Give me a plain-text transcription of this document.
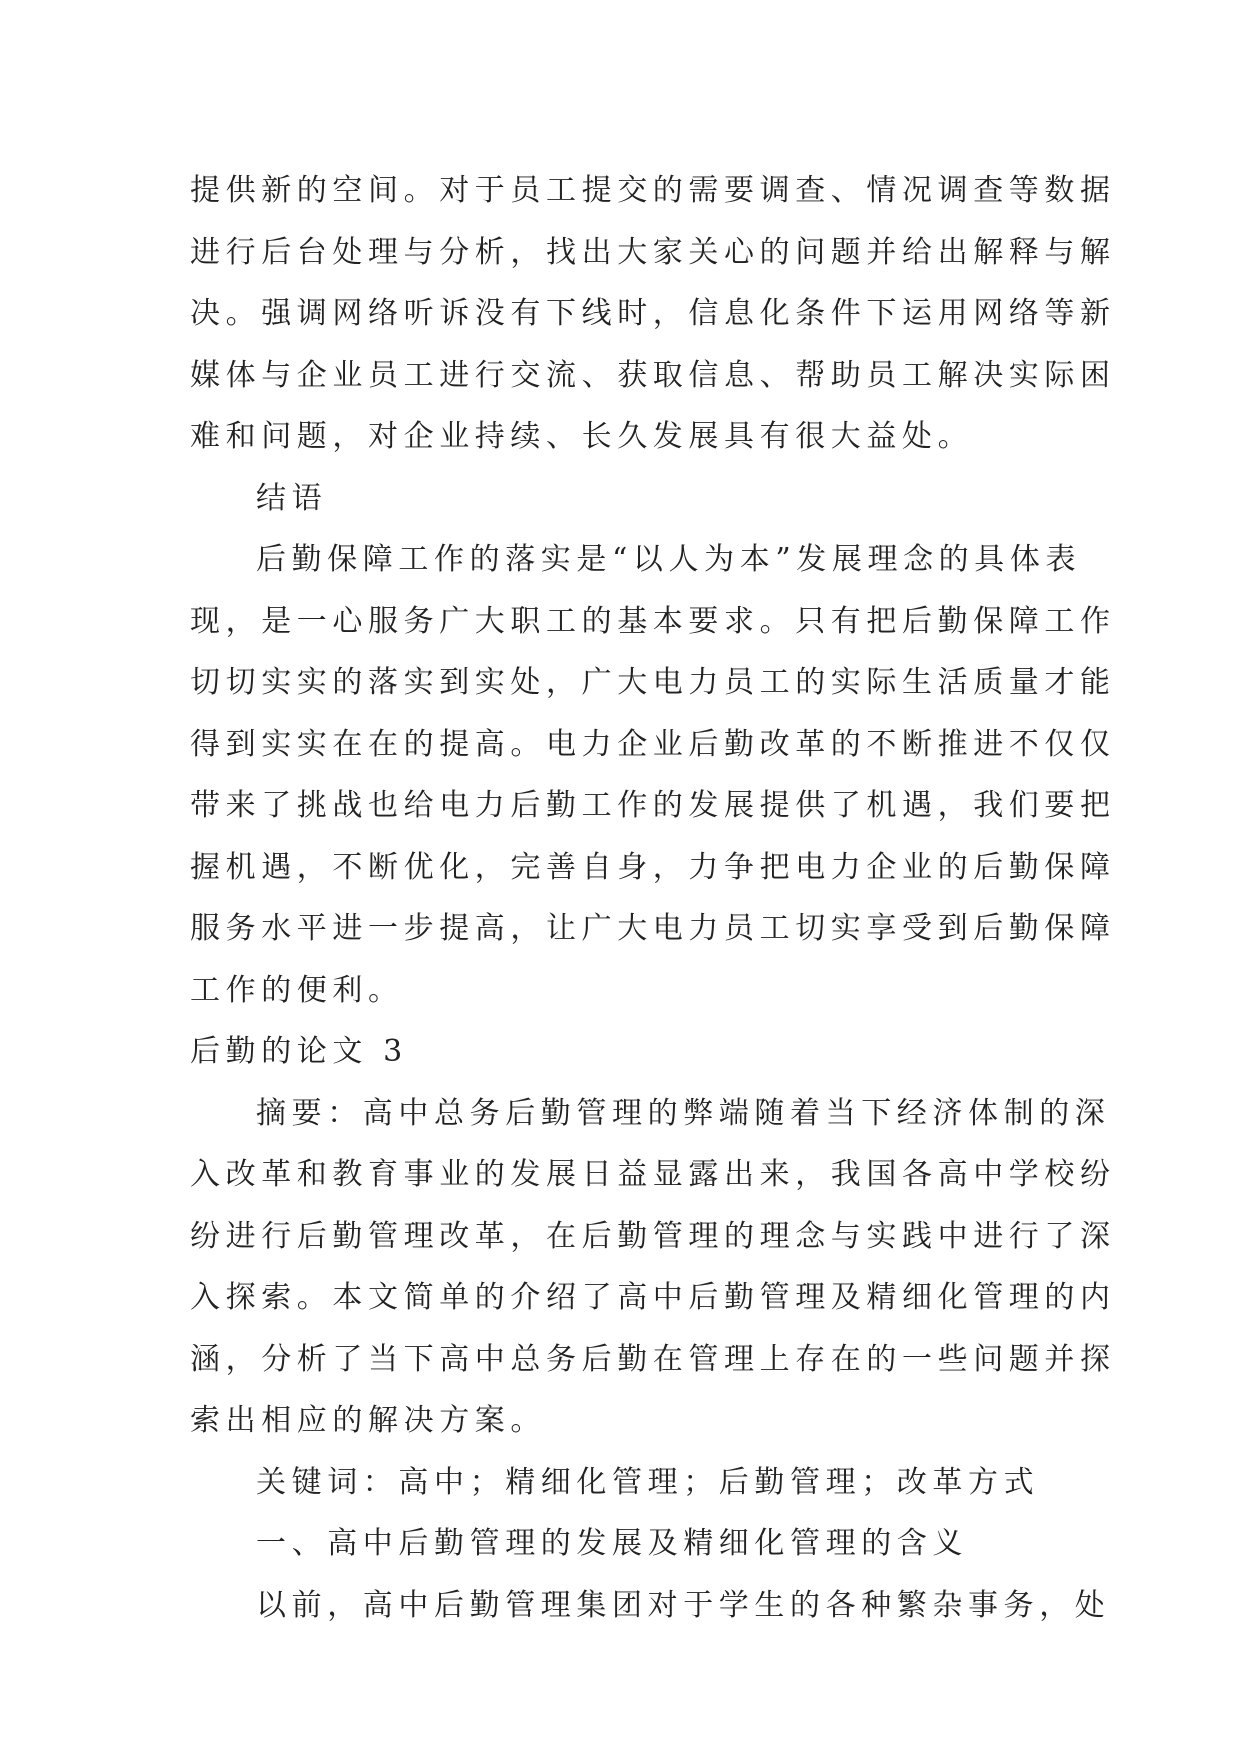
提供新的空间。对于员工提交的需要调查、情况调查等数据
进行后台处理与分析，找出大家关心的问题并给出解释与解
决。强调网络听诉没有下线时，信息化条件下运用网络等新
媒体与企业员工进行交流、获取信息、帮助员工解决实际困
难和问题，对企业持续、长久发展具有很大益处。
结语
后勤保障工作的落实是“以人为本”发展理念的具体表
现，是一心服务广大职工的基本要求。只有把后勤保障工作
切切实实的落实到实处，广大电力员工的实际生活质量才能
得到实实在在的提高。电力企业后勤改革的不断推进不仅仅
带来了挑战也给电力后勤工作的发展提供了机遇，我们要把
握机遇，不断优化，完善自身，力争把电力企业的后勤保障
服务水平进一步提高，让广大电力员工切实享受到后勤保障
工作的便利。
后勤的论文 3
摘要：高中总务后勤管理的弊端随着当下经济体制的深
入改革和教育事业的发展日益显露出来，我国各高中学校纷
纷进行后勤管理改革，在后勤管理的理念与实践中进行了深
入探索。本文简单的介绍了高中后勤管理及精细化管理的内
涵，分析了当下高中总务后勤在管理上存在的一些问题并探
索出相应的解决方案。
关键词：高中；精细化管理；后勤管理；改革方式
一、高中后勤管理的发展及精细化管理的含义
以前，高中后勤管理集团对于学生的各种繁杂事务，处
